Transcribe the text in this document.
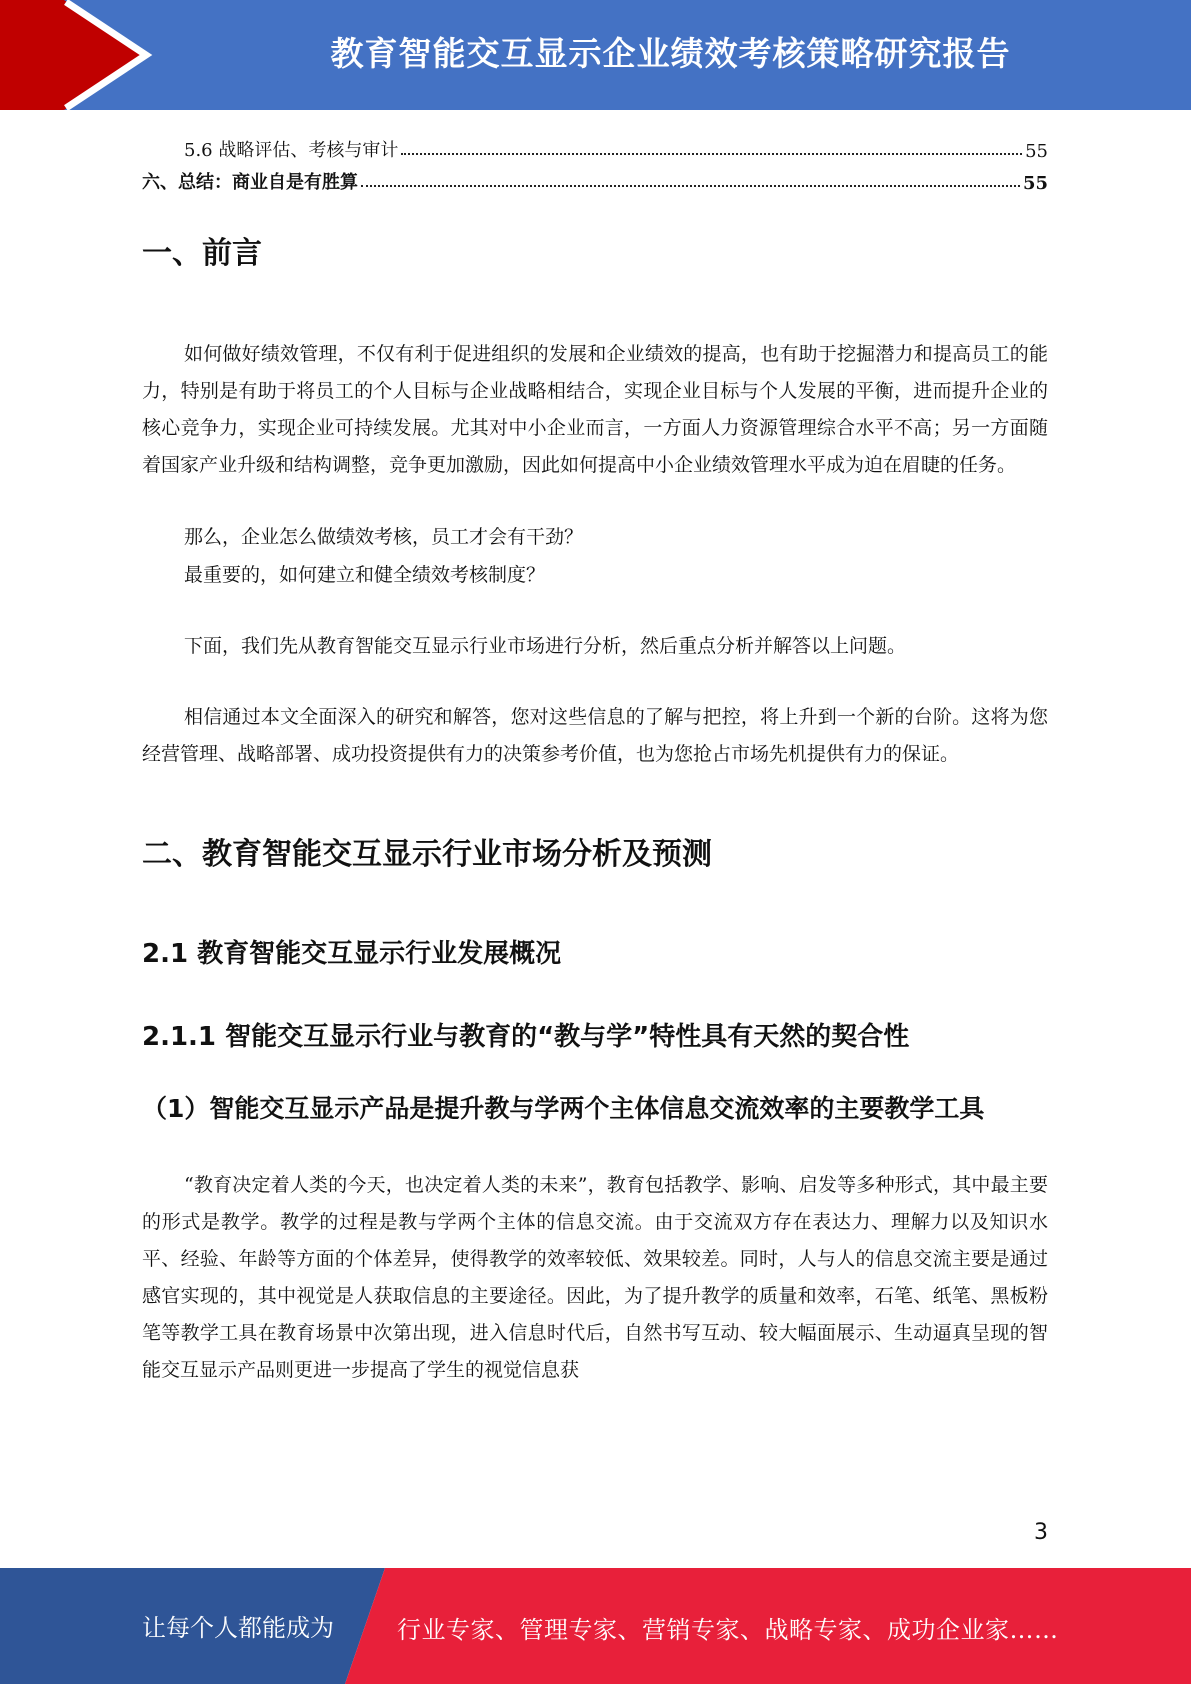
教育智能交互显示企业绩效考核策略研究报告
5.6 战略评估、考核与审计	55
六、总结：商业自是有胜算	55
一、前言

如何做好绩效管理，不仅有利于促进组织的发展和企业绩效的提高，也有助于挖掘潜力和提高员工的能力，特别是有助于将员工的个人目标与企业战略相结合，实现企业目标与个人发展的平衡，进而提升企业的核心竞争力，实现企业可持续发展。尤其对中小企业而言，一方面人力资源管理综合水平不高；另一方面随着国家产业升级和结构调整，竞争更加激励，因此如何提高中小企业绩效管理水平成为迫在眉睫的任务。

那么，企业怎么做绩效考核，员工才会有干劲？

最重要的，如何建立和健全绩效考核制度？

下面，我们先从教育智能交互显示行业市场进行分析，然后重点分析并解答以上问题。

相信通过本文全面深入的研究和解答，您对这些信息的了解与把控，将上升到一个新的台阶。这将为您经营管理、战略部署、成功投资提供有力的决策参考价值，也为您抢占市场先机提供有力的保证。

二、教育智能交互显示行业市场分析及预测
2.1 教育智能交互显示行业发展概况
2.1.1 智能交互显示行业与教育的“教与学”特性具有天然的契合性
（1）智能交互显示产品是提升教与学两个主体信息交流效率的主要教学工具

“教育决定着人类的今天，也决定着人类的未来”，教育包括教学、影响、启发等多种形式，其中最主要的形式是教学。教学的过程是教与学两个主体的信息交流。由于交流双方存在表达力、理解力以及知识水平、经验、年龄等方面的个体差异，使得教学的效率较低、效果较差。同时，人与人的信息交流主要是通过感官实现的，其中视觉是人获取信息的主要途径。因此，为了提升教学的质量和效率，石笔、纸笔、黑板粉笔等教学工具在教育场景中次第出现，进入信息时代后，自然书写互动、较大幅面展示、生动逼真呈现的智能交互显示产品则更进一步提高了学生的视觉信息获

3
让每个人都能成为	行业专家、管理专家、营销专家、战略专家、成功企业家……
